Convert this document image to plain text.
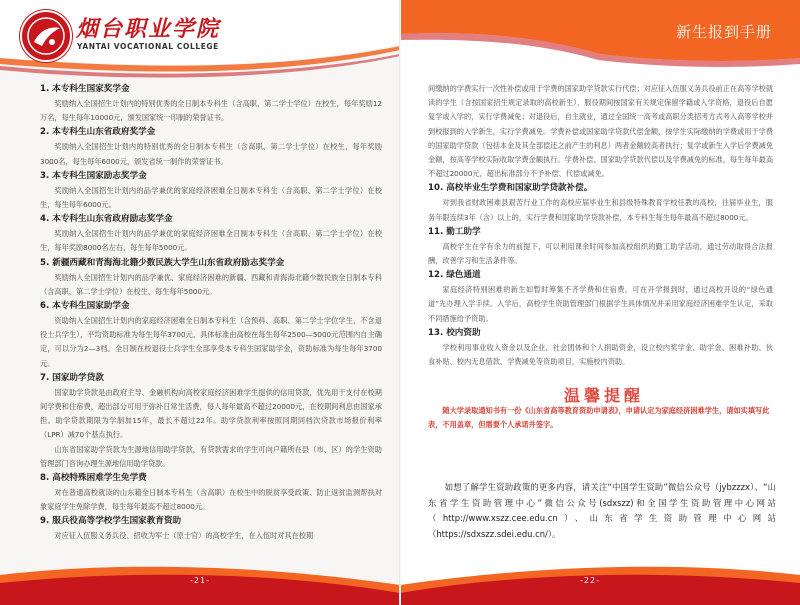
烟台职业学院
YANTAI VOCATIONAL COLLEGE
1. 本专科生国家奖学金

奖励纳入全国招生计划内的特别优秀的全日制本专科生（含高职、第二学士学位）在校生，每年奖励12万名，每生每年10000元，颁发国家统一印制的荣誉证书。

2. 本专科生山东省政府奖学金

奖励纳入全国招生计划内的特别优秀的全日制本专科生（含高职、第二学士学位）在校生，每年奖励3000名，每生每年6000元，颁发省统一制作的荣誉证书。

3. 本专科生国家励志奖学金

奖励纳入全国招生计划内的品学兼优的家庭经济困难全日制本专科生（含高职、第二学士学位）在校生，每生每年6000元。

4. 本专科生山东省政府励志奖学金

奖励纳入全国招生计划内的品学兼优的家庭经济困难全日制本专科生（含高职、第二学士学位）在校生，每年奖励8000名左右，每生每年5000元。

5. 新疆西藏和青海海北籍少数民族大学生山东省政府励志奖学金

奖励纳入全国招生计划内的品学兼优、家庭经济困难的新疆、西藏和青海海北籍少数民族全日制本专科（含高职、第二学士学位）在校生，每生每年5000元。

6. 本专科生国家助学金

资助纳入全国招生计划内的家庭经济困难全日制本专科生（含预科、高职、第二学士学位学生，不含退役士兵学生），平均资助标准为每生每年3700元，具体标准由高校在每生每年2500—5000元范围内自主确定，可以分为2—3档。全日制在校退役士兵学生全部享受本专科生国家助学金，资助标准为每生每年3700元。

7. 国家助学贷款

国家助学贷款是由政府主导、金融机构向高校家庭经济困难学生提供的信用贷款，优先用于支付在校期间学费和住宿费，超出部分可用于弥补日常生活费，每人每年最高不超过20000元，在校期间利息由国家承担。助学贷款期限为学制加15年，最长不超过22年。助学贷款利率按照同期同档次贷款市场报价利率（LPR）减70个基点执行。

山东省国家助学贷款为生源地信用助学贷款，有贷款需求的学生可向户籍所在县（市、区）的学生资助管理部门咨询办理生源地信用助学贷款。

8. 高校特殊困难学生免学费

对在普通高校就读的山东籍全日制本专科生（含高职）在校生中的脱贫享受政策、防止返贫监测帮扶对象家庭学生免除学费，每生每年最高不超过8000元。

9. 服兵役高等学校学生国家教育资助

对应征入伍服义务兵役、招收为军士（原士官）的高校学生，在入伍时对其在校期

-21-
新生报到手册

间缴纳的学费实行一次性补偿或用于学费的国家助学贷款实行代偿；对应征入伍服义务兵役前正在高等学校就读的学生（含按国家招生规定录取的高校新生），服役期间按国家有关规定保留学籍或入学资格，退役后自愿复学或入学的，实行学费减免；对退役后，自主就业，通过全国统一高考或高职分类招考方式考入高等学校并到校报到的入学新生，实行学费减免。学费补偿或国家助学贷款代偿金额，按学生实际缴纳的学费或用于学费的国家助学贷款（包括本金及其全部偿还之前产生的利息）两者金额较高者执行；复学或新生入学后学费减免金额，按高等学校实际收取学费金额执行。学费补偿、国家助学贷款代偿以及学费减免的标准，每生每年最高不超过20000元，超出标准部分不予补偿、代偿或减免。

10. 高校毕业生学费和国家助学贷款补偿。

对到我省财政困难县艰苦行业工作的高校应届毕业生和县级特殊教育学校任教的高校，往届毕业生，服务年限连续3年（含）以上的，实行学费和国家助学贷款补偿，本专科生每生每年最高不超过8000元。

11. 勤工助学

高校学生在学有余力的前提下，可以利用课余时间参加高校组织的勤工助学活动，通过劳动取得合法报酬，改善学习和生活条件等。

12. 绿色通道

家庭经济特别困难的新生如暂时筹集不齐学费和住宿费，可在开学报到时，通过高校开设的“绿色通道”先办理入学手续。入学后，高校学生资助管理部门根据学生具体情况并采用家庭经济困难学生认定，采取不同措施给予资助。

13. 校内资助

学校利用事业收入资金以及企业、社会团体和个人捐助资金，设立校内奖学金、助学金、困难补助、伙食补贴、校内无息借款、学费减免等资助项目，实施校内资助。

温馨提醒
随大学录取通知书有一份《山东省高等教育资助申请表》，申请认定为家庭经济困难学生，请如实填写此表，不用盖章，但需要个人承诺并签字。
如想了解学生资助政策的更多内容，请关注“中国学生资助”微信公众号（jybzzzx）、“山东省学生资助管理中心”微信公众号(sdxszz)和全国学生资助管理中心网站（http://www.xszz.cee.edu.cn）、山东省学生资助管理中心网站（https://sdxszz.sdei.edu.cn/）。
-22-
